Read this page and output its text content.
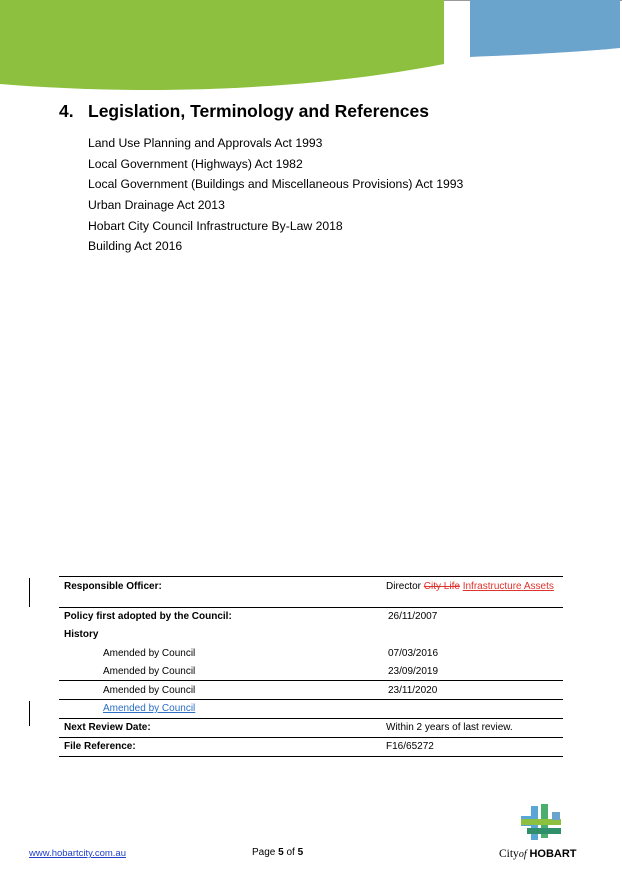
4. Legislation, Terminology and References
Land Use Planning and Approvals Act 1993
Local Government (Highways) Act 1982
Local Government (Buildings and Miscellaneous Provisions) Act 1993
Urban Drainage Act 2013
Hobart City Council Infrastructure By-Law 2018
Building Act 2016
Responsible Officer:	Director City Life Infrastructure Assets
Policy first adopted by the Council:	26/11/2007
History	
Amended by Council	07/03/2016
Amended by Council	23/09/2019
Amended by Council	23/11/2020
Amended by Council	
Next Review Date:	Within 2 years of last review.
File Reference:	F16/65272
www.hobartcity.com.au	Page 5 of 5	Cityof HOBART
